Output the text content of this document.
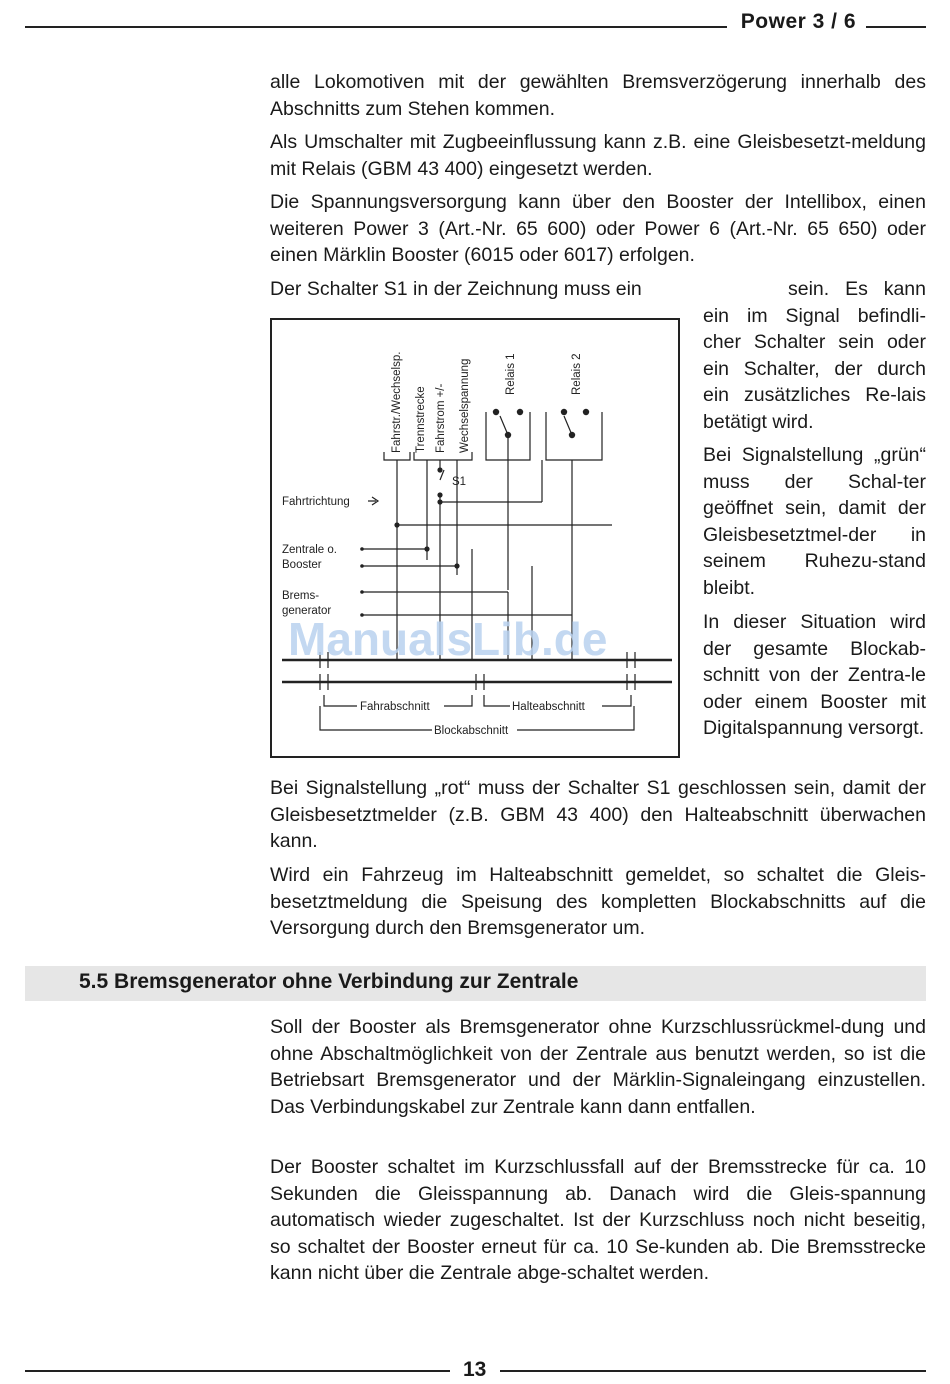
Power 3 / 6

alle Lokomotiven mit der gewählten Bremsverzögerung innerhalb des Abschnitts zum Stehen kommen.

Als Umschalter mit Zugbeeinflussung kann z.B. eine Gleisbesetzt-meldung mit Relais (GBM 43 400) eingesetzt werden.

Die Spannungsversorgung kann über den Booster der Intellibox, einen weiteren Power 3 (Art.-Nr. 65 600) oder Power 6 (Art.-Nr. 65 650) oder einen Märklin Booster (6015 oder 6017) erfolgen.

Der Schalter S1 in der Zeichnung muss ein	sein. Es kann ein im Signal befindli-cher Schalter sein oder ein Schalter, der durch ein zusätzliches Re-lais betätigt wird.

Bei Signalstellung „grün“ muss der Schal-ter geöffnet sein, damit der Gleisbesetztmel-der in seinem Ruhezu-stand bleibt.

In dieser Situation wird der gesamte Blockab-schnitt von der Zentra-le oder einem Booster mit Digitalspannung versorgt.

Fahrstr./Wechselsp. Trennstrecke Fahrstrom +/- Wechselspannung	Relais 1	Relais 2
S1
Fahrtrichtung
Zentrale o.
Booster
Brems-
generator
Fahrabschnitt	Halteabschnitt
Blockabschnitt
ManualsLib.de

Bei Signalstellung „rot“ muss der Schalter S1 geschlossen sein, damit der Gleisbesetztmelder (z.B. GBM 43 400) den Halteabschnitt überwachen kann.

Wird ein Fahrzeug im Halteabschnitt gemeldet, so schaltet die Gleis-besetztmeldung die Speisung des kompletten Blockabschnitts auf die Versorgung durch den Bremsgenerator um.

5.5 Bremsgenerator ohne Verbindung zur Zentrale

Soll der Booster als Bremsgenerator ohne Kurzschlussrückmel-dung und ohne Abschaltmöglichkeit von der Zentrale aus benutzt werden, so ist die Betriebsart Bremsgenerator und der Märklin-Signaleingang einzustellen. Das Verbindungskabel zur Zentrale kann dann entfallen.

Der Booster schaltet im Kurzschlussfall auf der Bremsstrecke für ca. 10 Sekunden die Gleisspannung ab. Danach wird die Gleis-spannung automatisch wieder zugeschaltet. Ist der Kurzschluss noch nicht beseitig, so schaltet der Booster erneut für ca. 10 Se-kunden ab. Die Bremsstrecke kann nicht über die Zentrale abge-schaltet werden.

13
